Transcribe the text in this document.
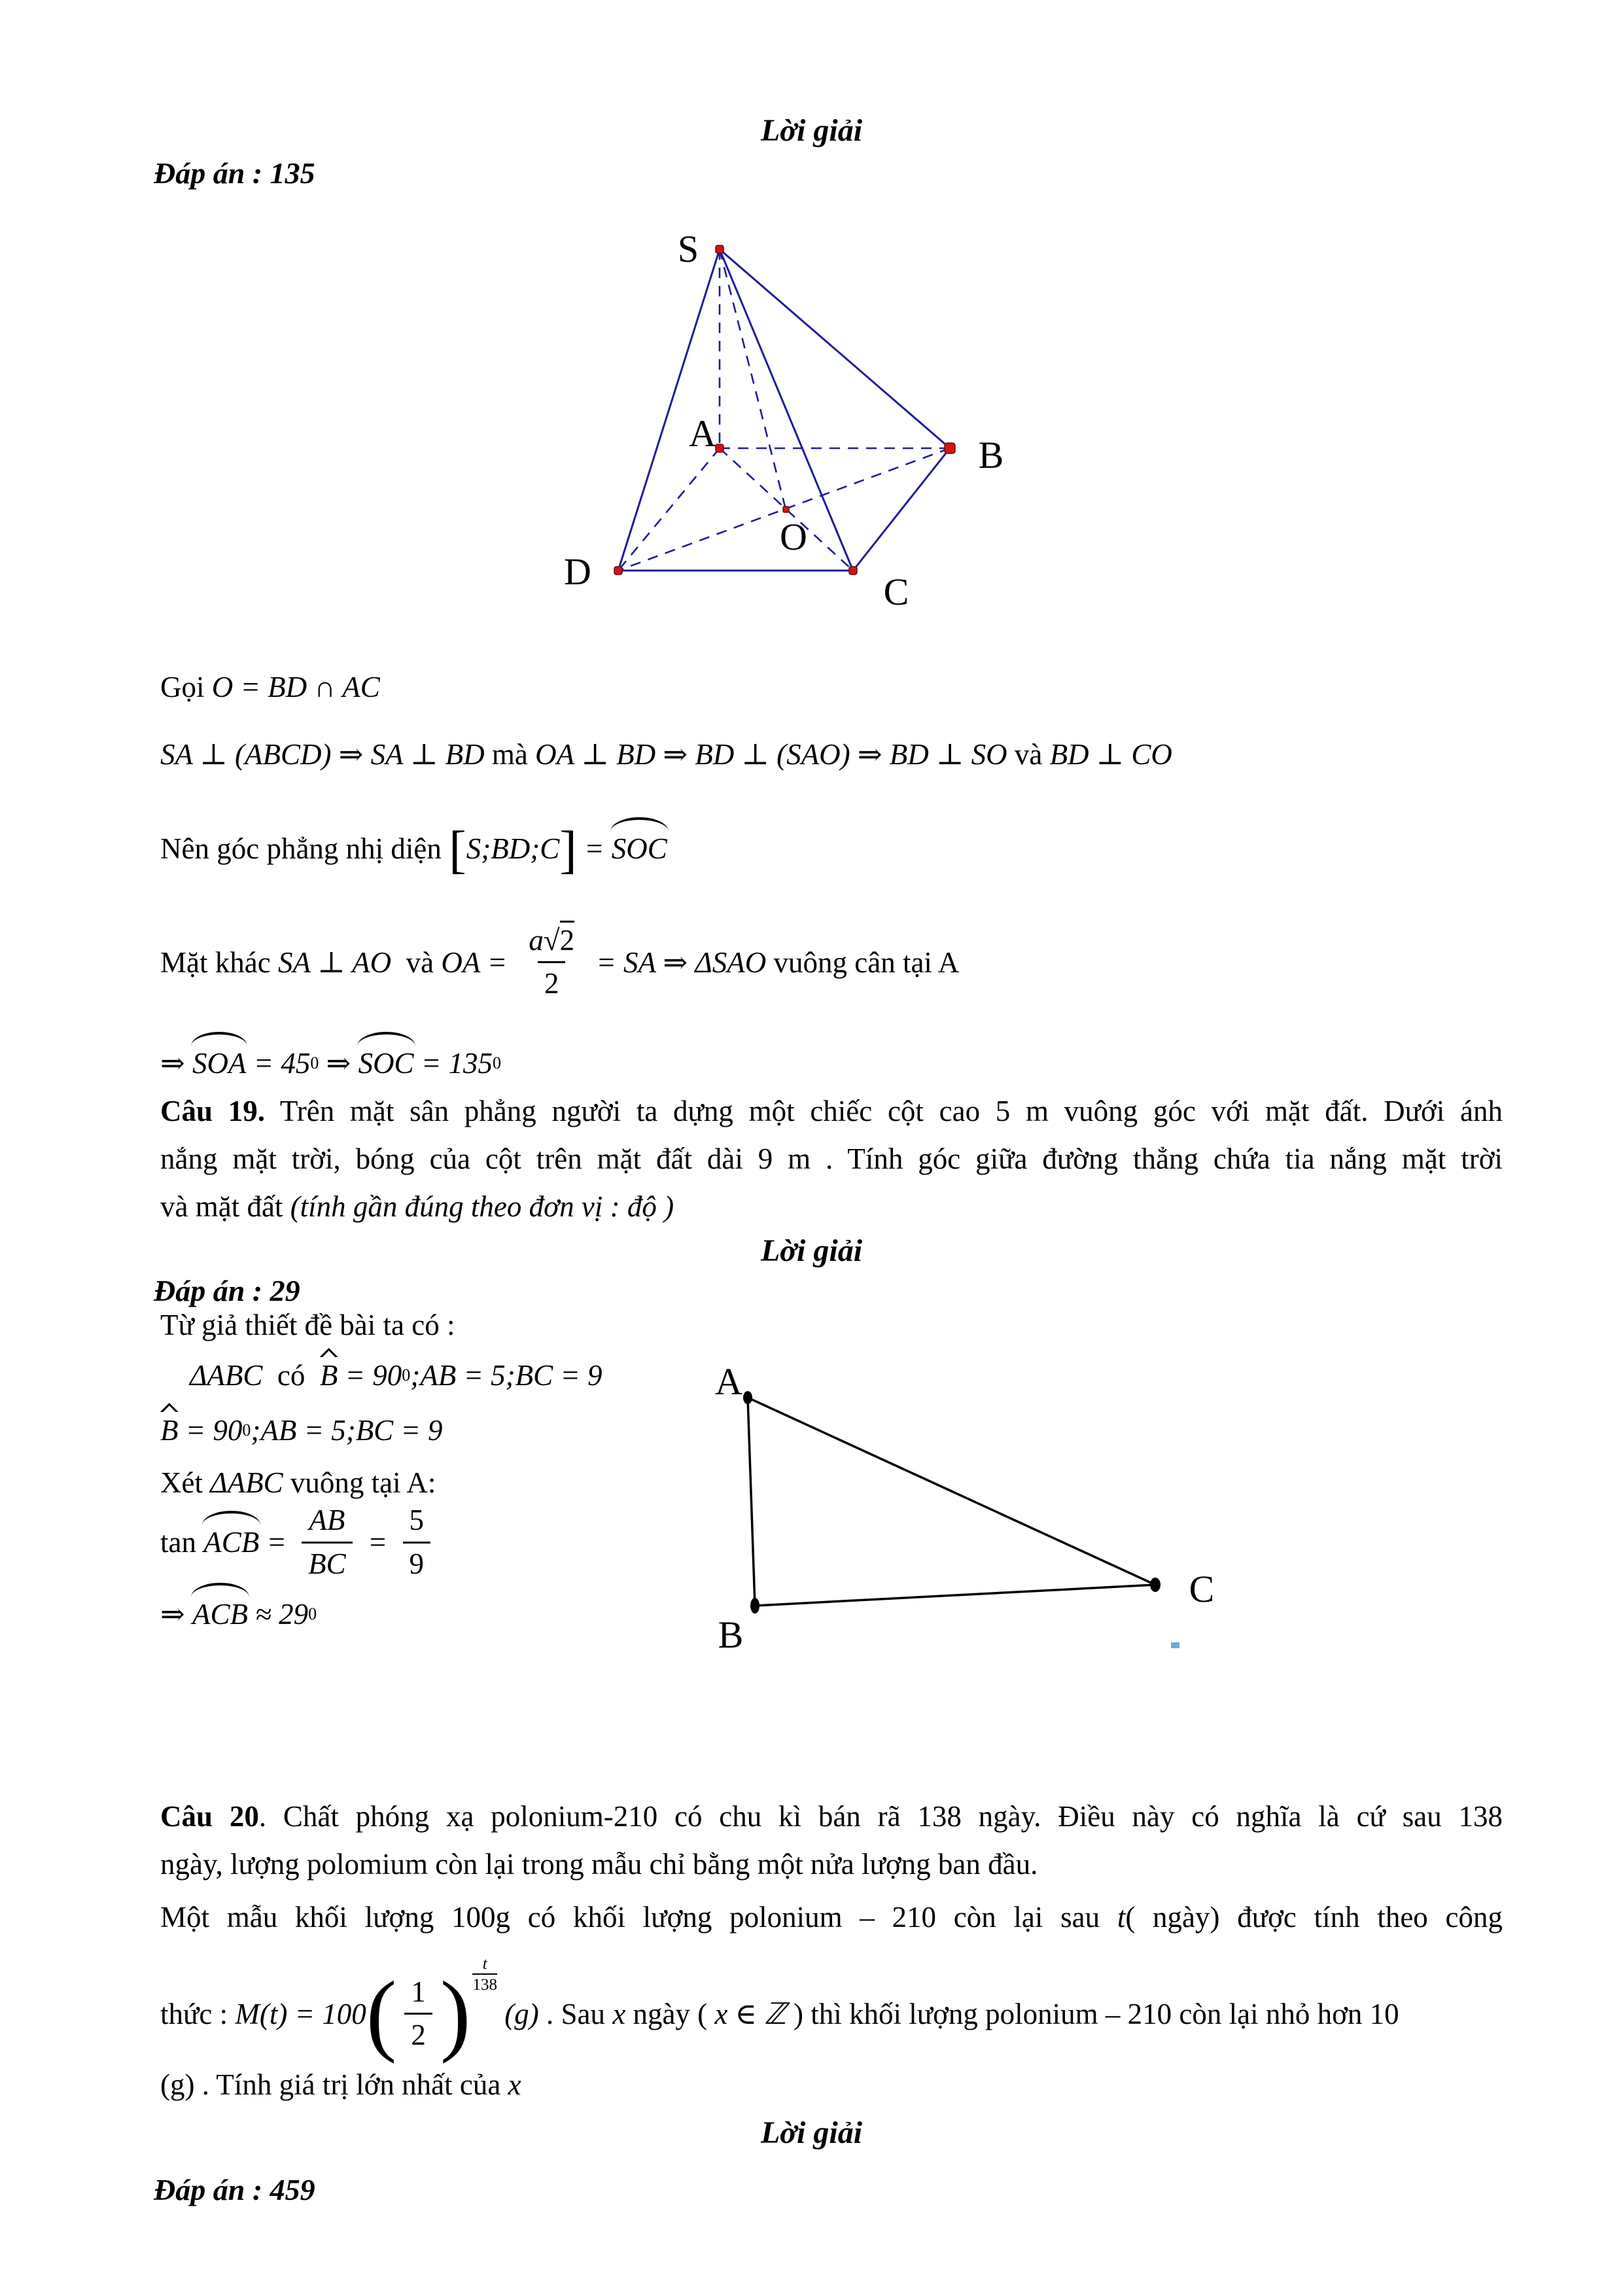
Lời giải
Đáp án : 135
S
A
B
O
D	C
Gọi O = BD ∩ AC
SA ⊥ (ABCD) ⇒ SA ⊥ BD mà OA ⊥ BD ⇒ BD ⊥ (SAO) ⇒ BD ⊥ SO và BD ⊥ CO
Nên góc phẳng nhị diện [ S;BD;C ] = SOC
Mặt khác SA ⊥ AO và OA = $\frac{a√2}{2}$ = SA ⇒ ΔSAO vuông cân tại A
⇒ SOA = 45 0 ⇒ SOC = 135 0
Câu 19. Trên mặt sân phẳng người ta dựng một chiếc cột cao 5 m vuông góc với mặt đất. Dưới ánh
nắng mặt trời, bóng của cột trên mặt đất dài 9 m . Tính góc giữa đường thẳng chứa tia nắng mặt trời
và mặt đất (tính gần đúng theo đơn vị : độ )
Lời giải
Đáp án : 29
Từ giả thiết đề bài ta có :
ΔABC có B = 90 0 ;AB = 5;BC = 9
B = 90 0 ;AB = 5;BC = 9
Xét ΔABC vuông tại A:
tan ACB = $\frac{AB}{BC} = \frac{5}{9}$
⇒ ACB ≈ 29 0
A
B
C
Câu 20. Chất phóng xạ polonium-210 có chu kì bán rã 138 ngày. Điều này có nghĩa là cứ sau 138
ngày, lượng polomium còn lại trong mẫu chỉ bằng một nửa lượng ban đầu.
Một mẫu khối lượng 100g có khối lượng polonium – 210 còn lại sau t( ngày) được tính theo công
thức : M(t) = 100 ( $\frac{1}{2}$ ) $\frac{t}{138}$
(g) . Sau x ngày ( x ∈ ℤ ) thì khối lượng polonium – 210 còn lại nhỏ hơn 10
(g) . Tính giá trị lớn nhất của x
Lời giải
Đáp án : 459
